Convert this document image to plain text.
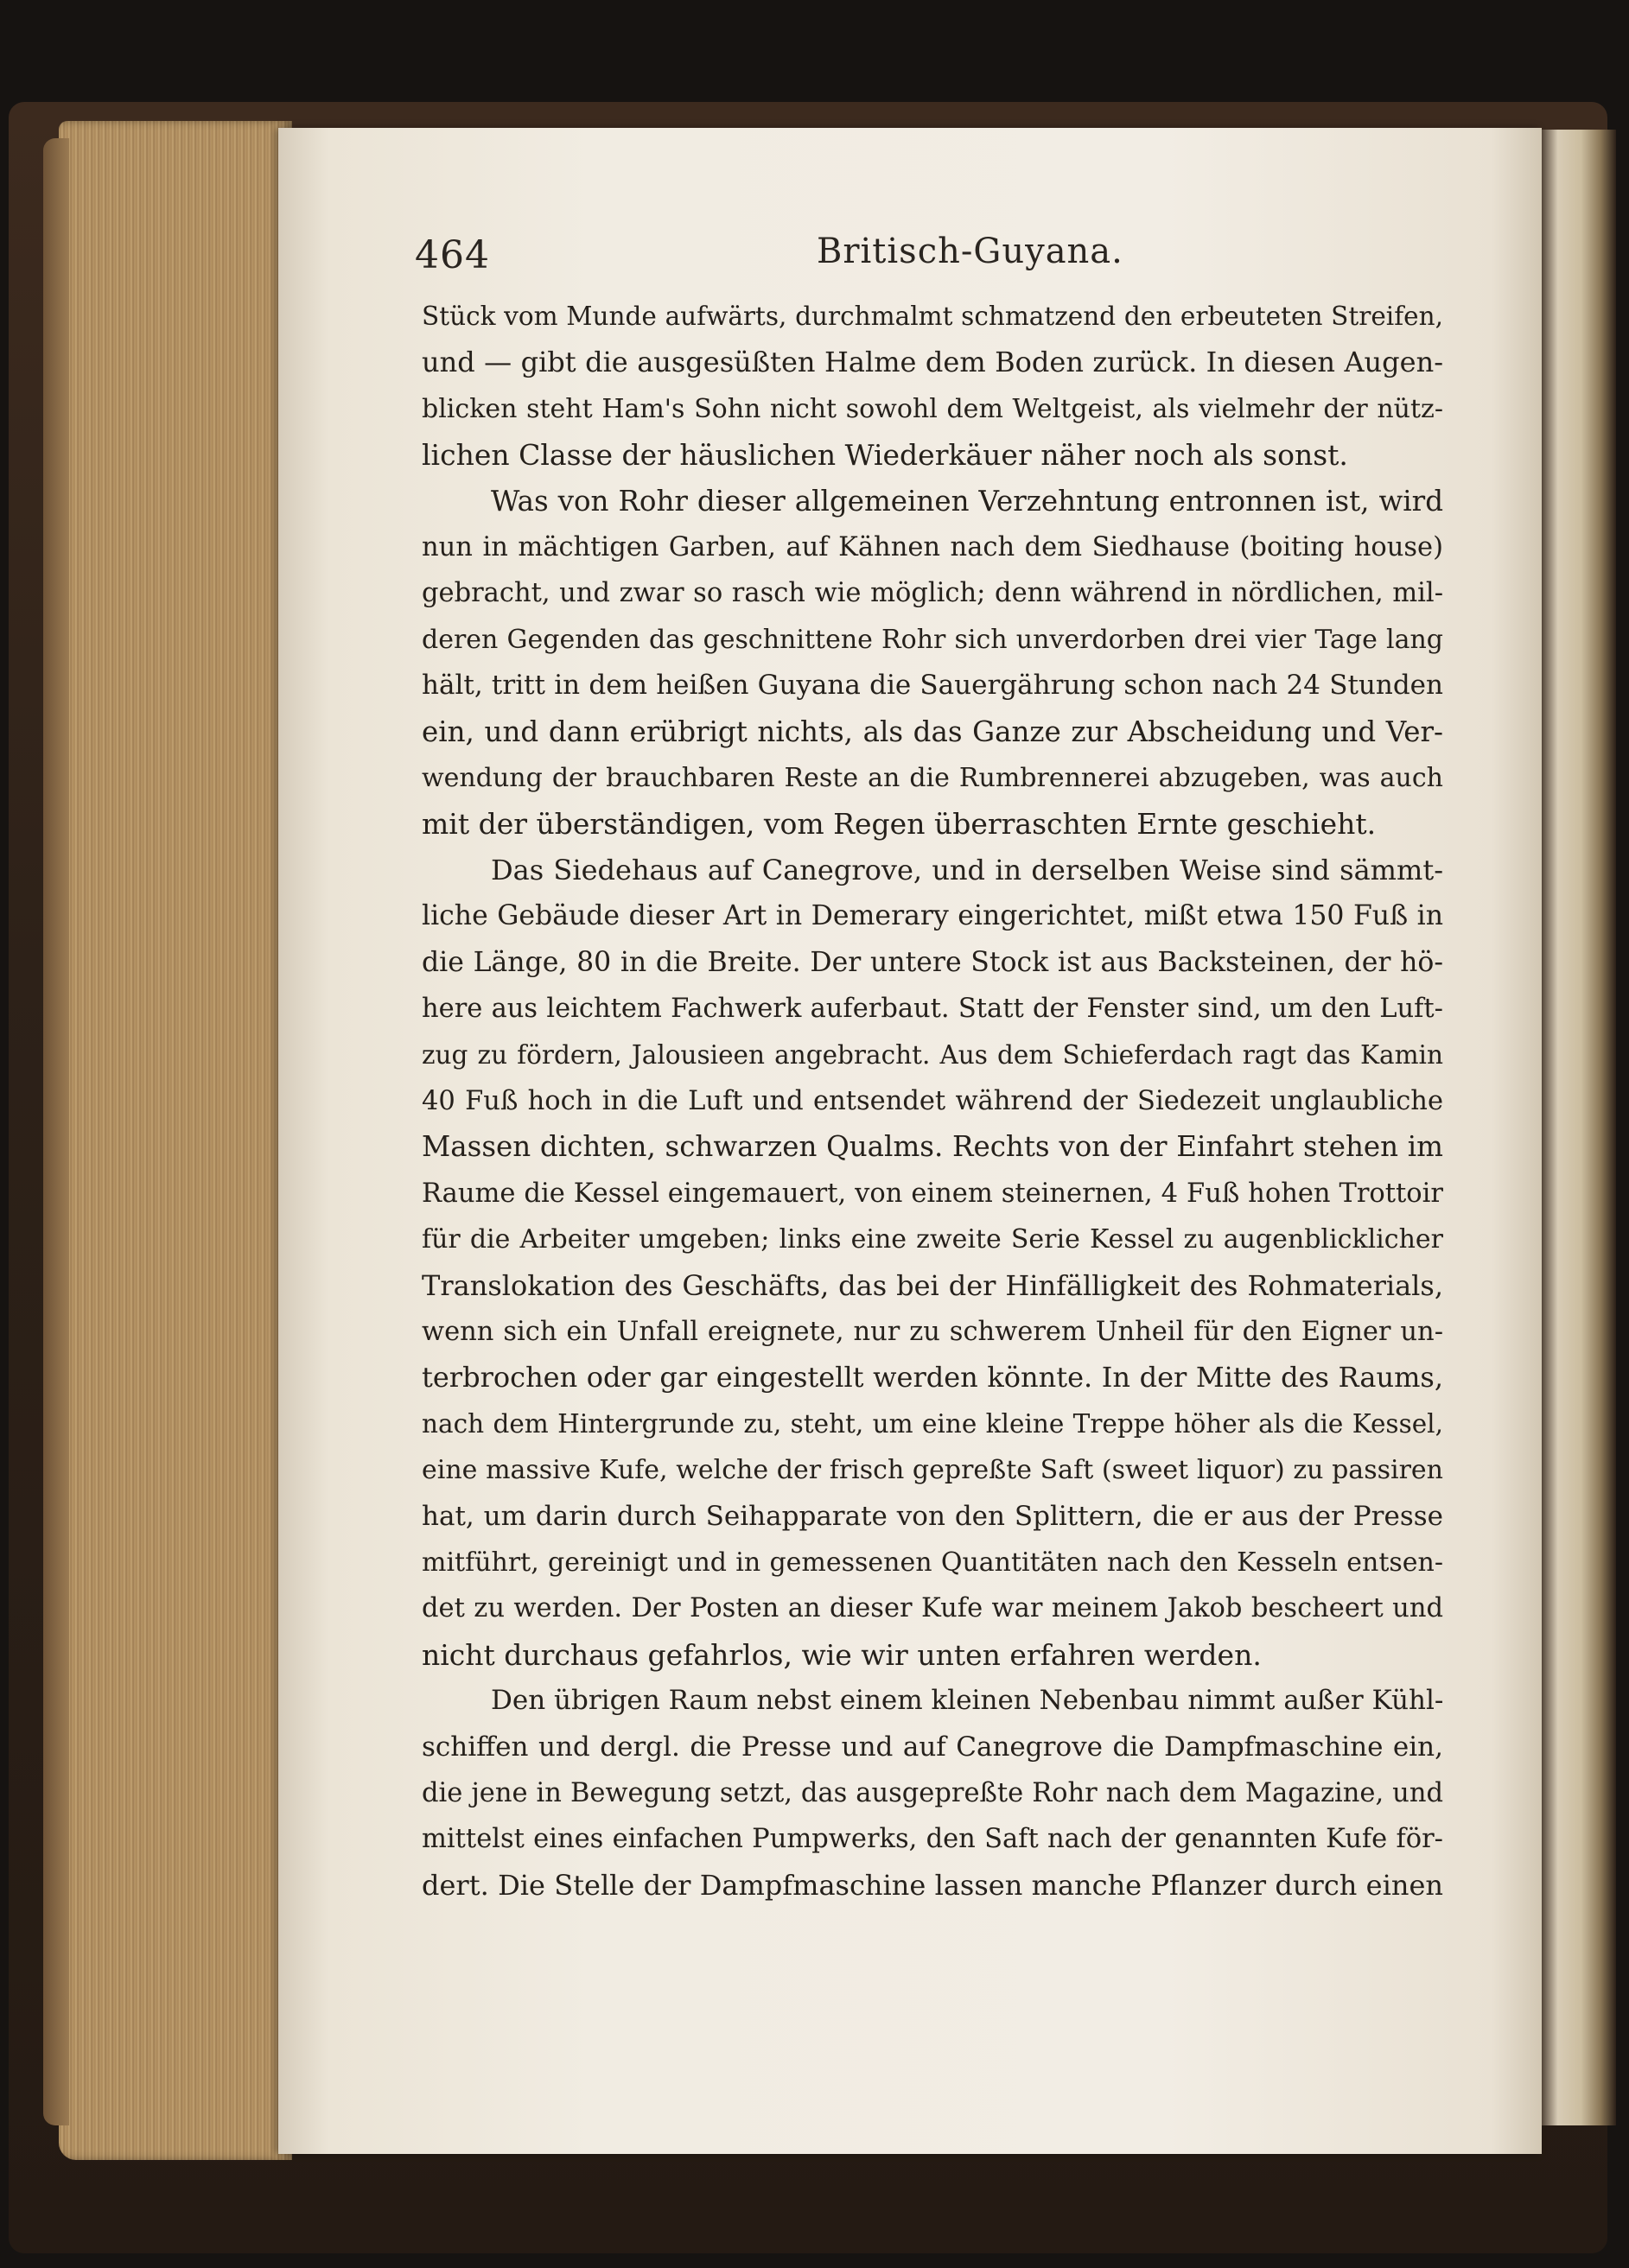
464	Britisch-Guyana.
Stück vom Munde aufwärts, durchmalmt schmatzend den erbeuteten Streifen,
und — gibt die ausgesüßten Halme dem Boden zurück. In diesen Augen-
blicken steht Ham's Sohn nicht sowohl dem Weltgeist, als vielmehr der nütz-
lichen Classe der häuslichen Wiederkäuer näher noch als sonst.
Was von Rohr dieser allgemeinen Verzehntung entronnen ist, wird
nun in mächtigen Garben, auf Kähnen nach dem Siedhause (boiting house)
gebracht, und zwar so rasch wie möglich; denn während in nördlichen, mil-
deren Gegenden das geschnittene Rohr sich unverdorben drei vier Tage lang
hält, tritt in dem heißen Guyana die Sauergährung schon nach 24 Stunden
ein, und dann erübrigt nichts, als das Ganze zur Abscheidung und Ver-
wendung der brauchbaren Reste an die Rumbrennerei abzugeben, was auch
mit der überständigen, vom Regen überraschten Ernte geschieht.
Das Siedehaus auf Canegrove, und in derselben Weise sind sämmt-
liche Gebäude dieser Art in Demerary eingerichtet, mißt etwa 150 Fuß in
die Länge, 80 in die Breite. Der untere Stock ist aus Backsteinen, der hö-
here aus leichtem Fachwerk auferbaut. Statt der Fenster sind, um den Luft-
zug zu fördern, Jalousieen angebracht. Aus dem Schieferdach ragt das Kamin
40 Fuß hoch in die Luft und entsendet während der Siedezeit unglaubliche
Massen dichten, schwarzen Qualms. Rechts von der Einfahrt stehen im
Raume die Kessel eingemauert, von einem steinernen, 4 Fuß hohen Trottoir
für die Arbeiter umgeben; links eine zweite Serie Kessel zu augenblicklicher
Translokation des Geschäfts, das bei der Hinfälligkeit des Rohmaterials,
wenn sich ein Unfall ereignete, nur zu schwerem Unheil für den Eigner un-
terbrochen oder gar eingestellt werden könnte. In der Mitte des Raums,
nach dem Hintergrunde zu, steht, um eine kleine Treppe höher als die Kessel,
eine massive Kufe, welche der frisch gepreßte Saft (sweet liquor) zu passiren
hat, um darin durch Seihapparate von den Splittern, die er aus der Presse
mitführt, gereinigt und in gemessenen Quantitäten nach den Kesseln entsen-
det zu werden. Der Posten an dieser Kufe war meinem Jakob bescheert und
nicht durchaus gefahrlos, wie wir unten erfahren werden.
Den übrigen Raum nebst einem kleinen Nebenbau nimmt außer Kühl-
schiffen und dergl. die Presse und auf Canegrove die Dampfmaschine ein,
die jene in Bewegung setzt, das ausgepreßte Rohr nach dem Magazine, und
mittelst eines einfachen Pumpwerks, den Saft nach der genannten Kufe för-
dert. Die Stelle der Dampfmaschine lassen manche Pflanzer durch einen
